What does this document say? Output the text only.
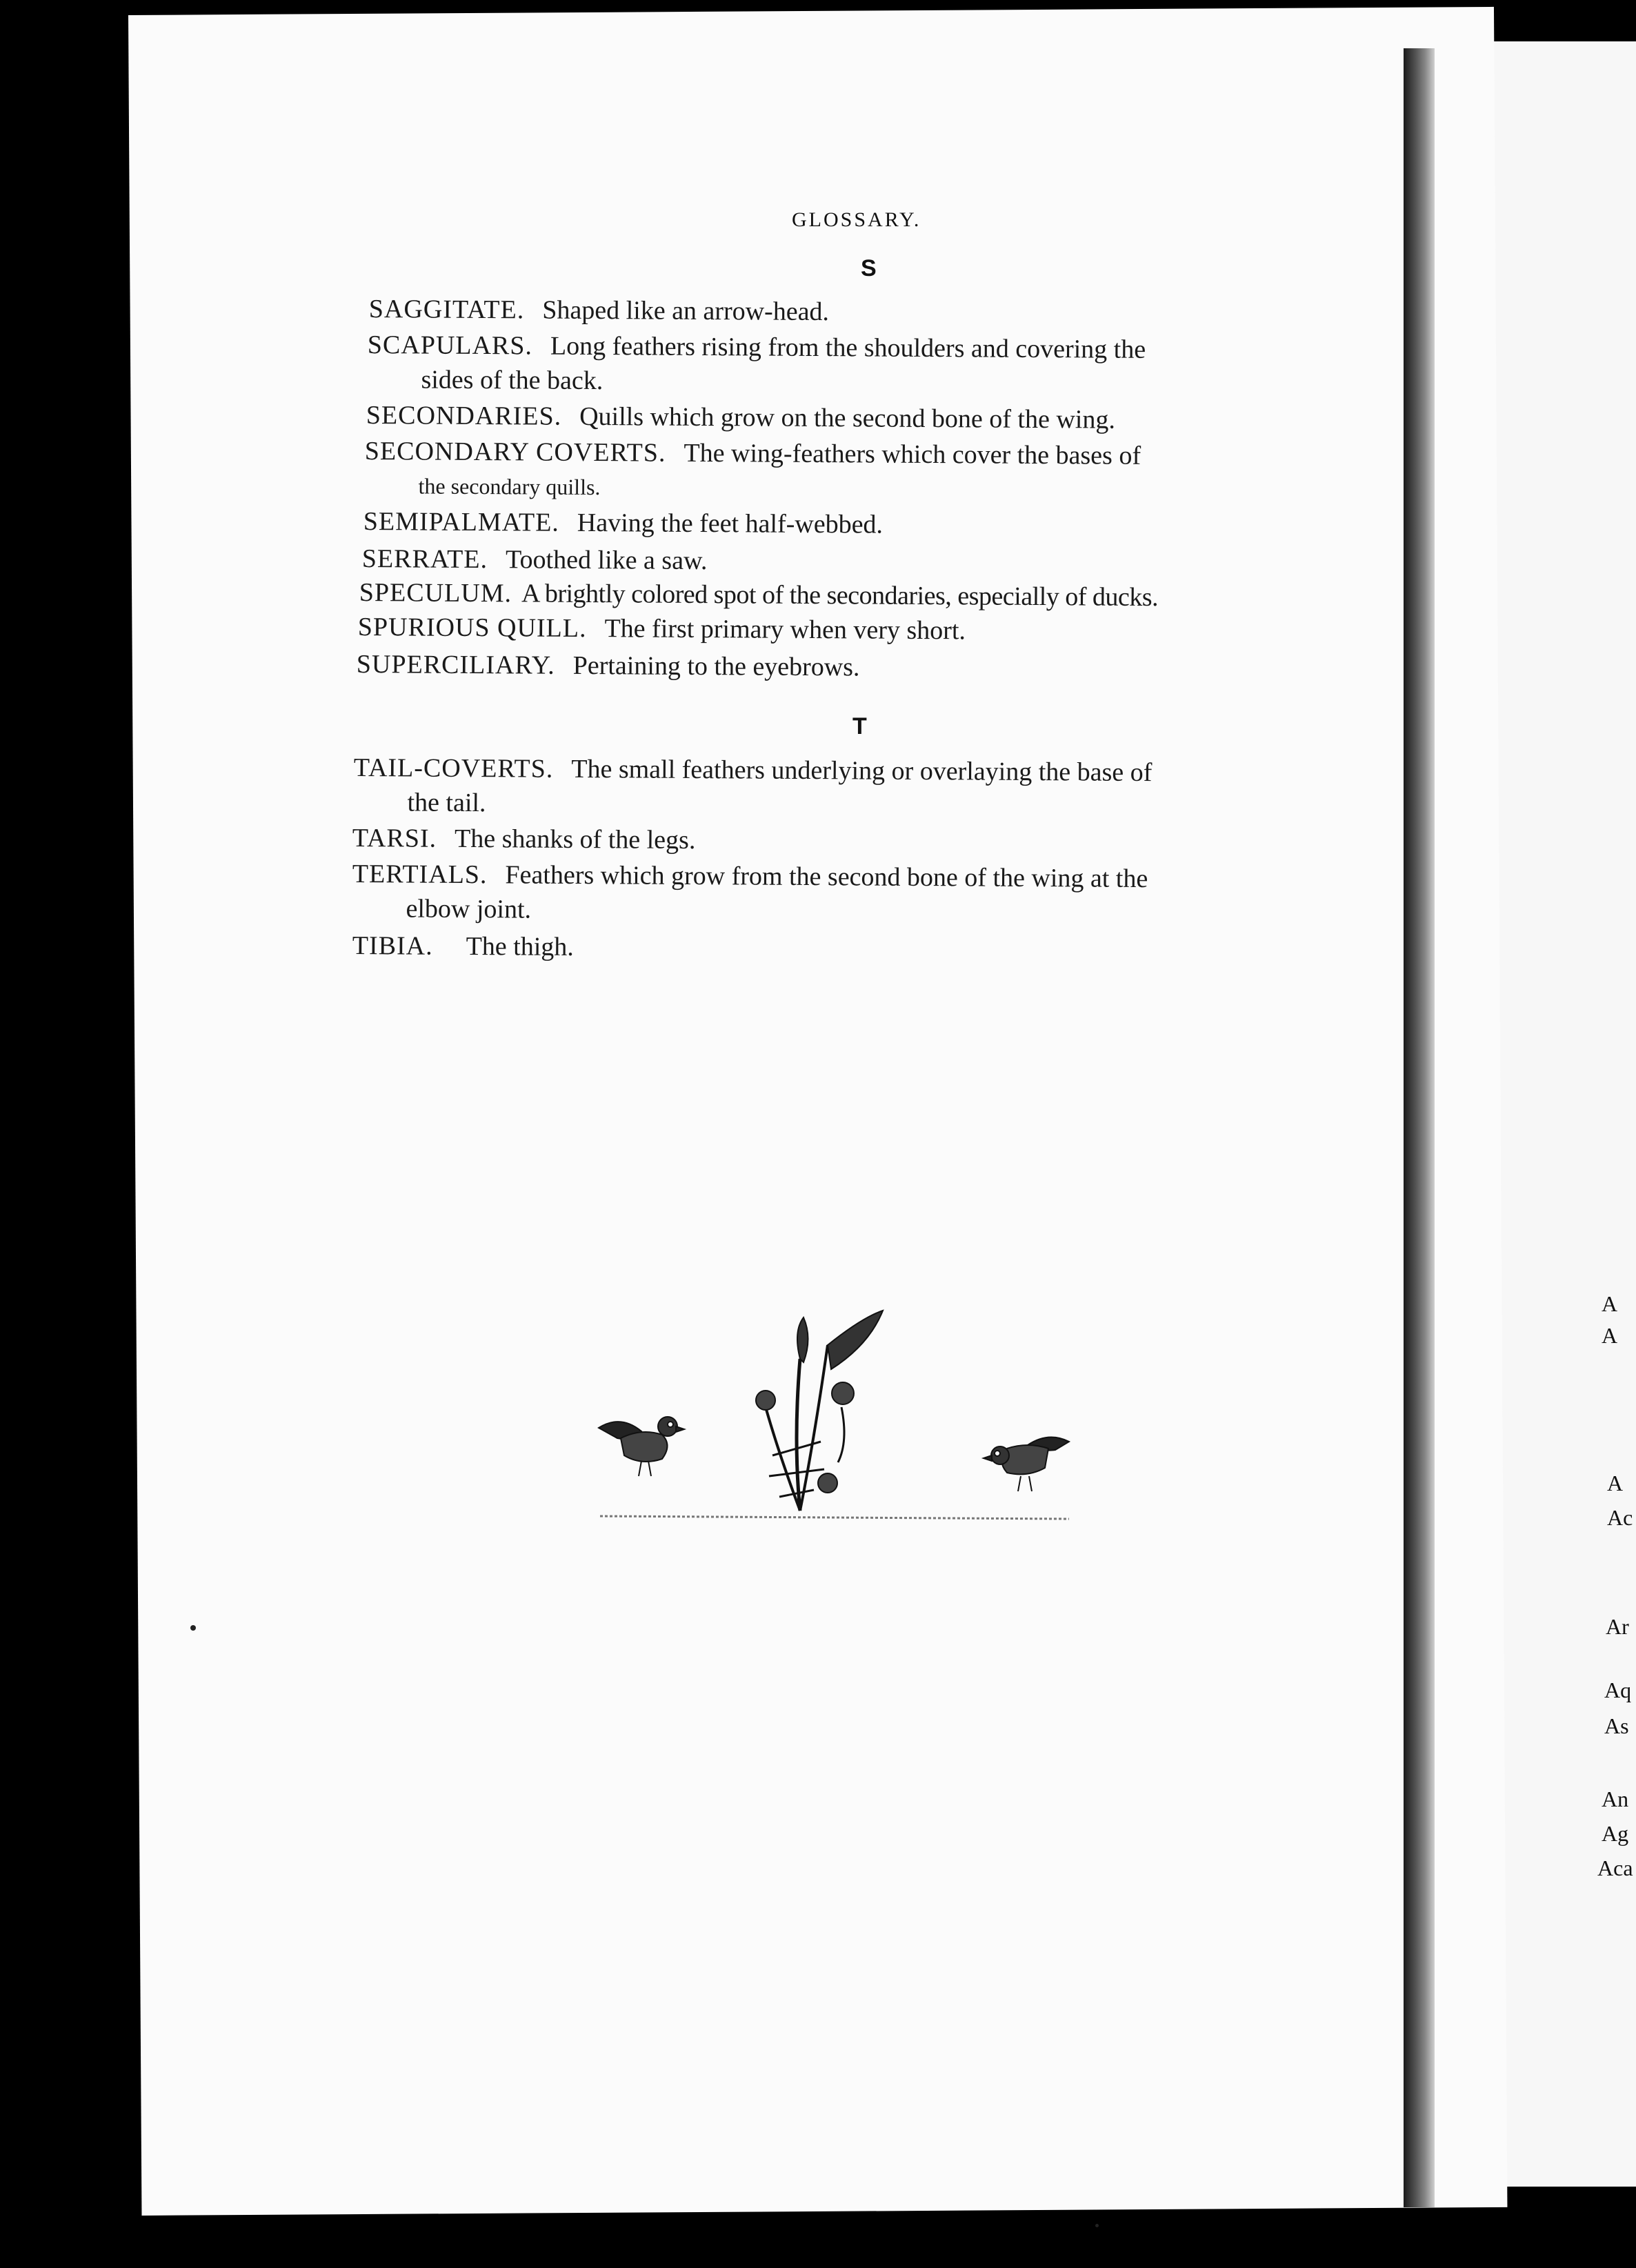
A
A
A
Ac
Ar
Aq
As
An
Ag
Aca
GLOSSARY.
S
SAGGITATE. Shaped like an arrow-head.
SCAPULARS. Long feathers rising from the shoulders and covering the
sides of the back.
SECONDARIES. Quills which grow on the second bone of the wing.
SECONDARY COVERTS. The wing-feathers which cover the bases of
the secondary quills.
SEMIPALMATE. Having the feet half-webbed.
SERRATE. Toothed like a saw.
SPECULUM. A brightly colored spot of the secondaries, especially of ducks.
SPURIOUS QUILL. The first primary when very short.
SUPERCILIARY. Pertaining to the eyebrows.
T
TAIL-COVERTS. The small feathers underlying or overlaying the base of
the tail.
TARSI. The shanks of the legs.
TERTIALS. Feathers which grow from the second bone of the wing at the
elbow joint.
TIBIA. The thigh.
